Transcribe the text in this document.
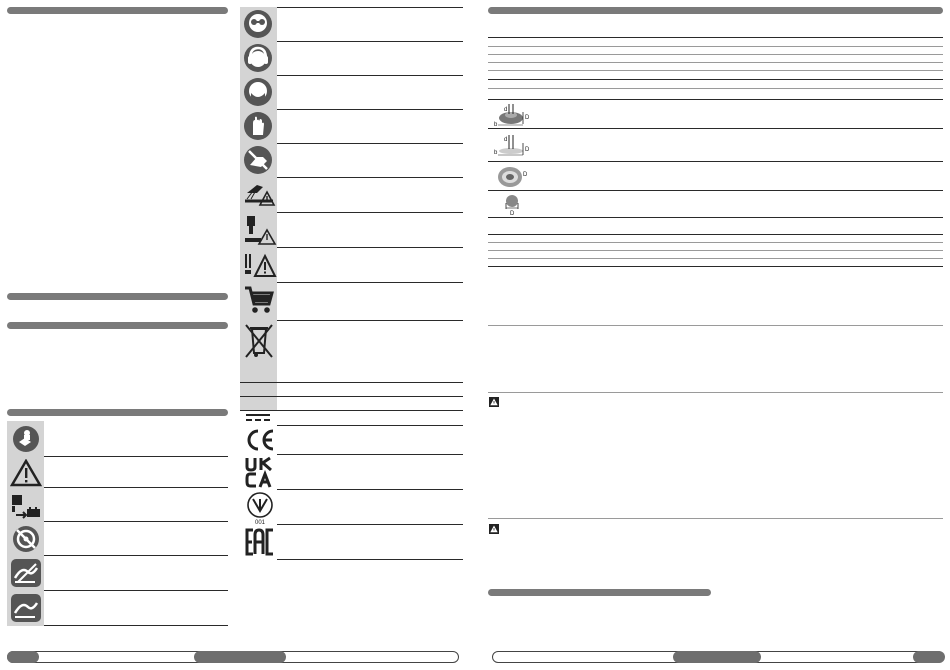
001
d
b
D
d
b	D
D
D
